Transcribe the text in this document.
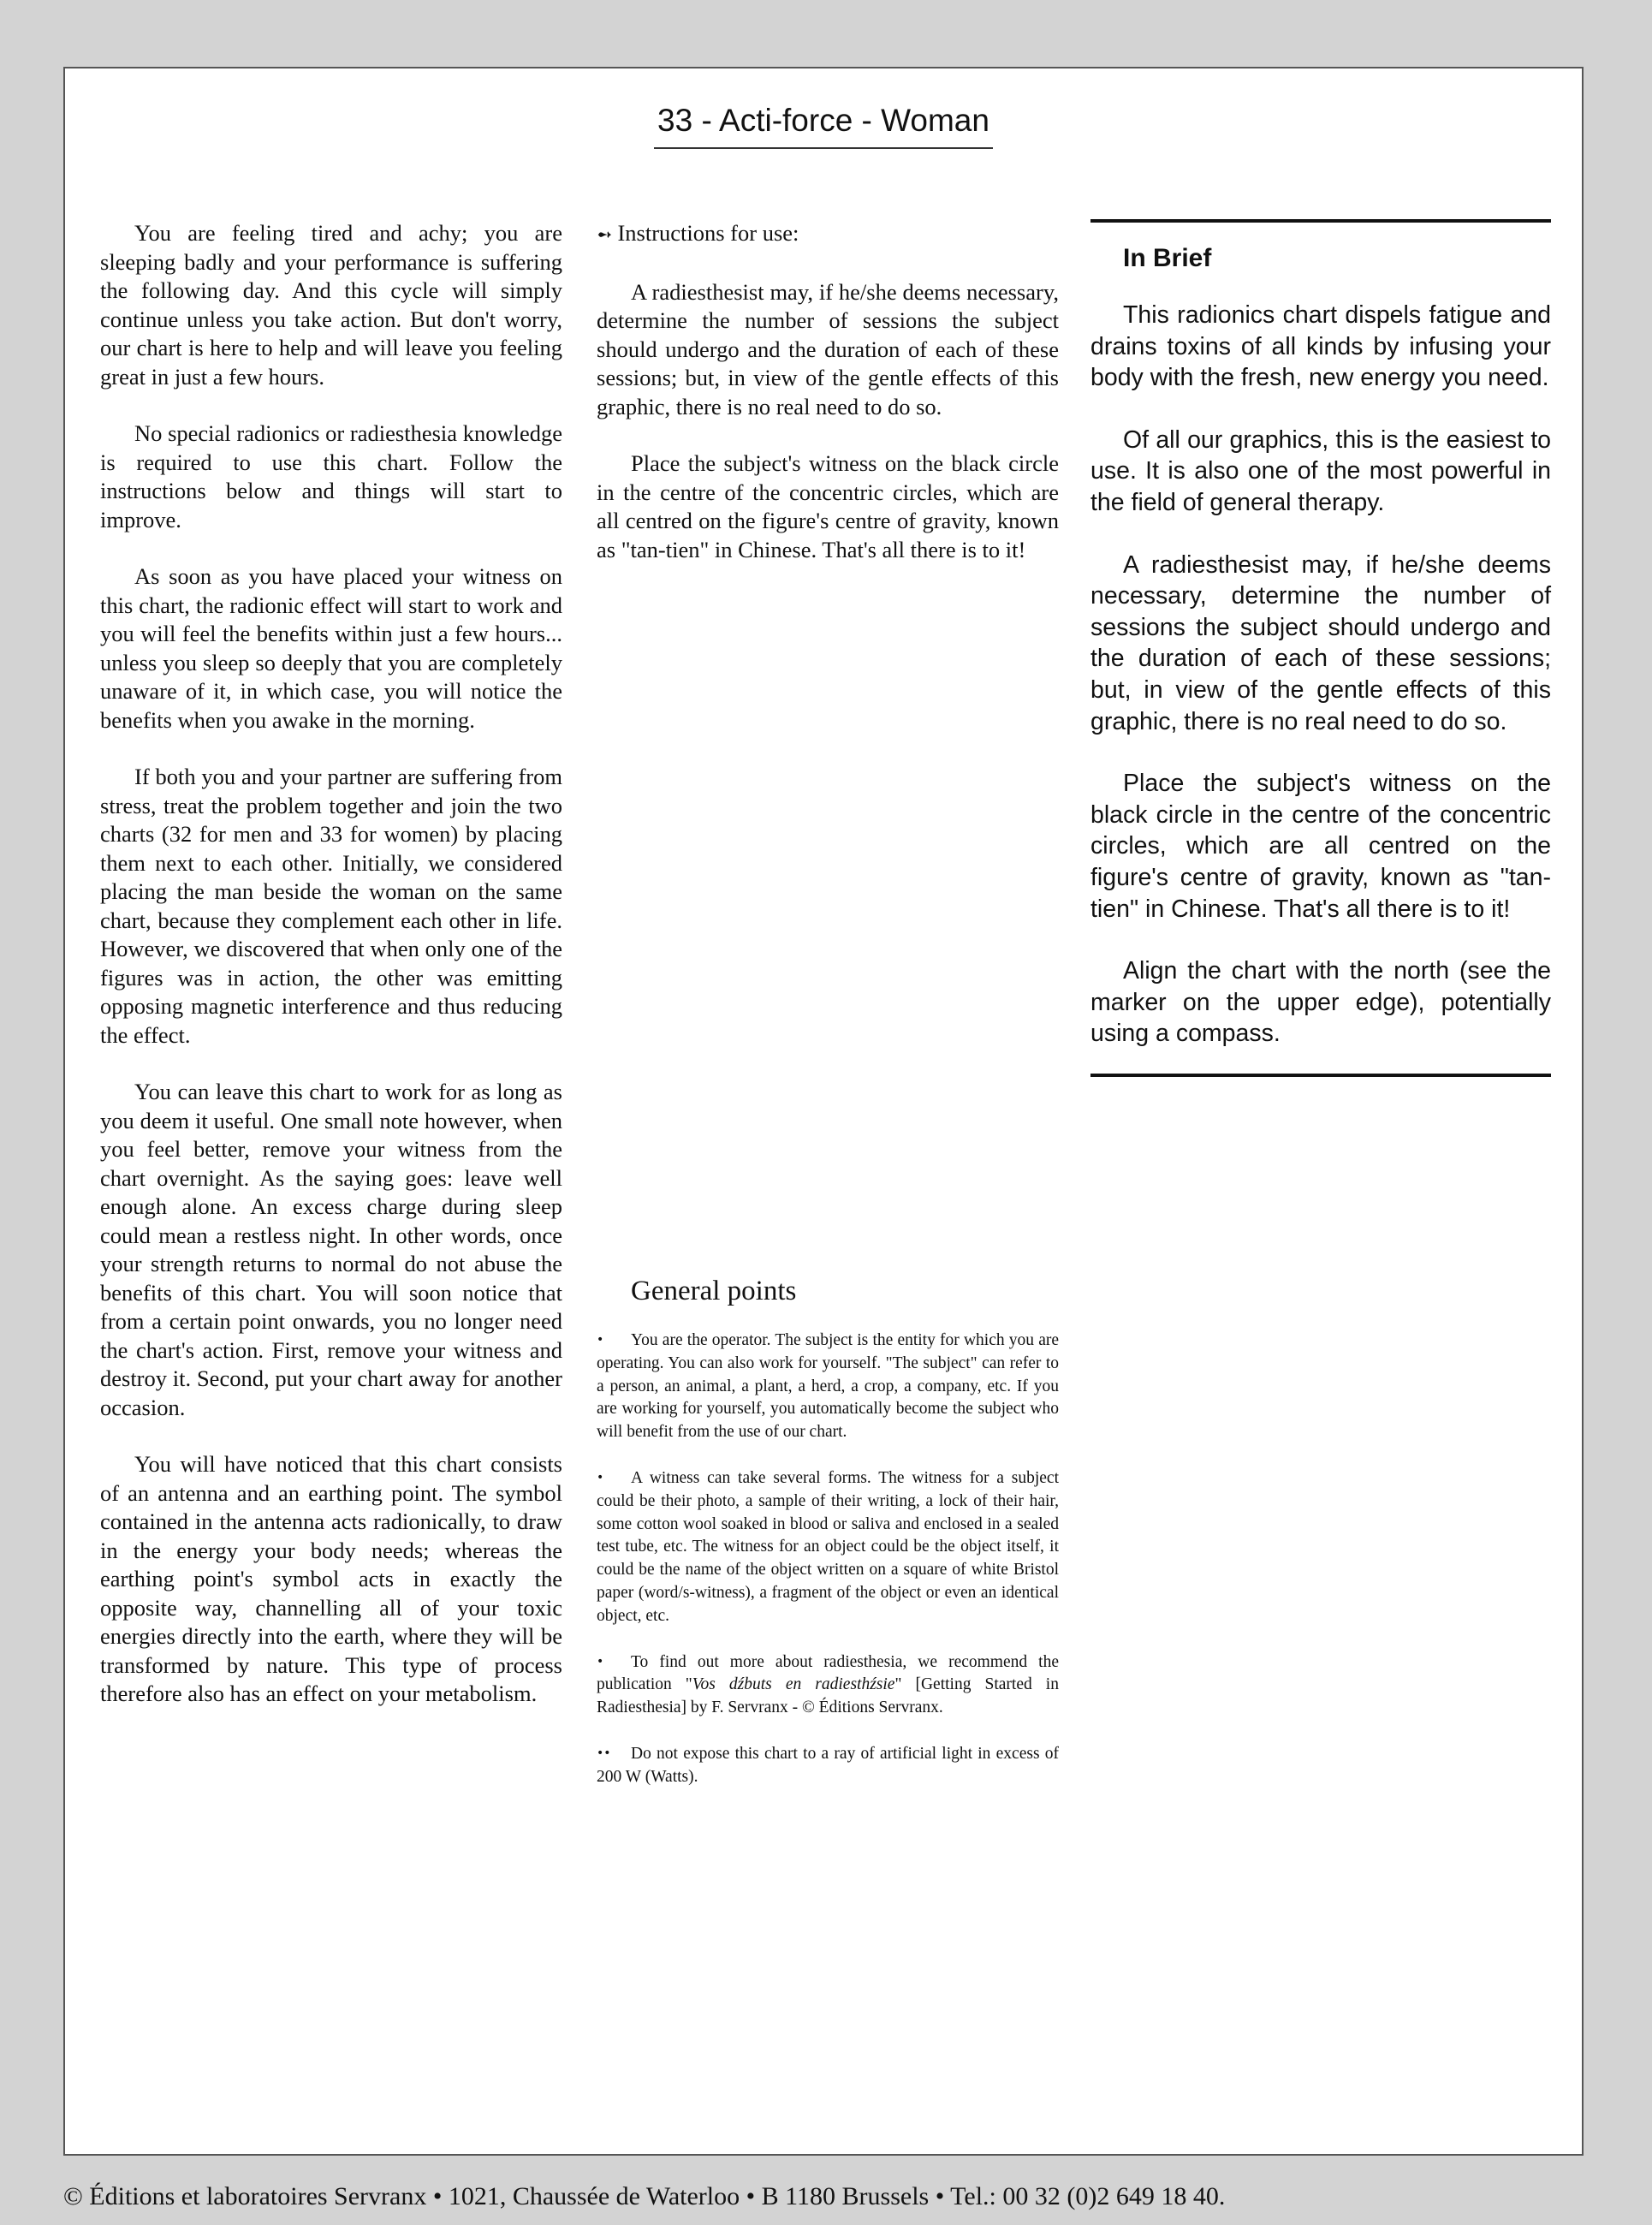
33 - Acti-force - Woman

You are feeling tired and achy; you are sleeping badly and your performance is suffering the following day. And this cycle will simply continue unless you take action. But don't worry, our chart is here to help and will leave you feeling great in just a few hours.

No special radionics or radiesthesia knowledge is required to use this chart. Follow the instructions below and things will start to improve.

As soon as you have placed your witness on this chart, the radionic effect will start to work and you will feel the benefits within just a few hours... unless you sleep so deeply that you are completely unaware of it, in which case, you will notice the benefits when you awake in the morning.

If both you and your partner are suffering from stress, treat the problem together and join the two charts (32 for men and 33 for women) by placing them next to each other. Initially, we considered placing the man beside the woman on the same chart, because they complement each other in life. However, we discovered that when only one of the figures was in action, the other was emitting opposing magnetic interference and thus reducing the effect.

You can leave this chart to work for as long as you deem it useful. One small note however, when you feel better, remove your witness from the chart overnight. As the saying goes: leave well enough alone. An excess charge during sleep could mean a restless night. In other words, once your strength returns to normal do not abuse the benefits of this chart. You will soon notice that from a certain point onwards, you no longer need the chart's action. First, remove your witness and destroy it. Second, put your chart away for another occasion.

You will have noticed that this chart consists of an antenna and an earthing point. The symbol contained in the antenna acts radionically, to draw in the energy your body needs; whereas the earthing point's symbol acts in exactly the opposite way, channelling all of your toxic energies directly into the earth, where they will be transformed by nature. This type of process therefore also has an effect on your metabolism.

➻ Instructions for use:

A radiesthesist may, if he/she deems necessary, determine the number of sessions the subject should undergo and the duration of each of these sessions; but, in view of the gentle effects of this graphic, there is no real need to do so.

Place the subject's witness on the black circle in the centre of the concentric circles, which are all centred on the figure's centre of gravity, known as "tan-tien" in Chinese. That's all there is to it!

General points

• You are the operator. The subject is the entity for which you are operating. You can also work for yourself. "The subject" can refer to a person, an animal, a plant, a herd, a crop, a company, etc. If you are working for yourself, you automatically become the subject who will benefit from the use of our chart.

• A witness can take several forms. The witness for a subject could be their photo, a sample of their writing, a lock of their hair, some cotton wool soaked in blood or saliva and enclosed in a sealed test tube, etc. The witness for an object could be the object itself, it could be the name of the object written on a square of white Bristol paper (word/s-witness), a fragment of the object or even an identical object, etc.

• To find out more about radiesthesia, we recommend the publication "Vos dźbuts en radiesthźsie" [Getting Started in Radiesthesia] by F. Servranx - © Éditions Servranx.

•• Do not expose this chart to a ray of artificial light in excess of 200 W (Watts).

In Brief

This radionics chart dispels fatigue and drains toxins of all kinds by infusing your body with the fresh, new energy you need.

Of all our graphics, this is the easiest to use. It is also one of the most powerful in the field of general therapy.

A radiesthesist may, if he/she deems necessary, determine the number of sessions the subject should undergo and the duration of each of these sessions; but, in view of the gentle effects of this graphic, there is no real need to do so.

Place the subject's witness on the black circle in the centre of the concentric circles, which are all centred on the figure's centre of gravity, known as "tan-tien" in Chinese. That's all there is to it!

Align the chart with the north (see the marker on the upper edge), potentially using a compass.

© Éditions et laboratoires Servranx • 1021, Chaussée de Waterloo • B 1180 Brussels • Tel.: 00 32 (0)2 649 18 40.
